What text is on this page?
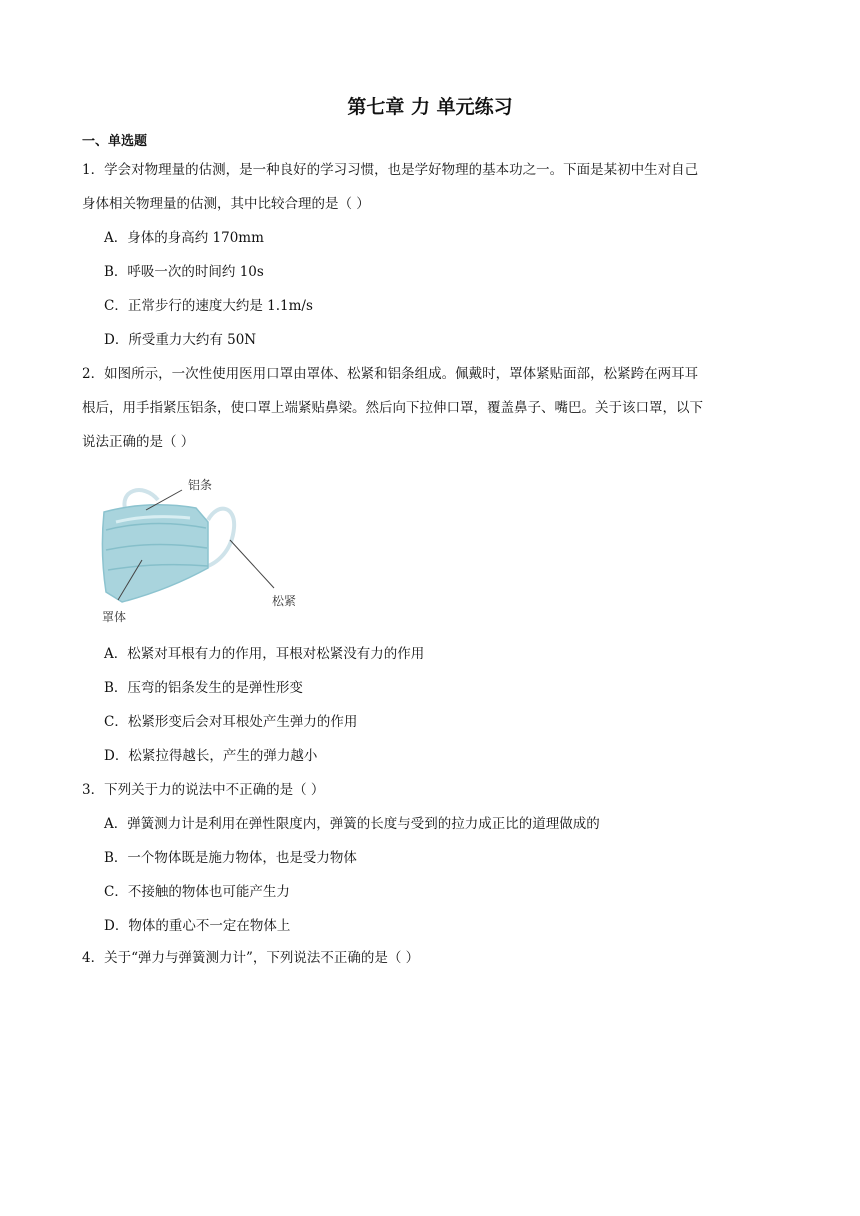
第七章 力 单元练习
一、单选题
1．学会对物理量的估测，是一种良好的学习习惯，也是学好物理的基本功之一。下面是某初中生对自己
身体相关物理量的估测，其中比较合理的是（ ）
A．身体的身高约 170mm
B．呼吸一次的时间约 10s
C．正常步行的速度大约是 1.1m/s
D．所受重力大约有 50N
2．如图所示，一次性使用医用口罩由罩体、松紧和铝条组成。佩戴时，罩体紧贴面部，松紧跨在两耳耳
根后，用手指紧压铝条，使口罩上端紧贴鼻梁。然后向下拉伸口罩，覆盖鼻子、嘴巴。关于该口罩，以下
说法正确的是（ ）
铝条
松紧
罩体
A．松紧对耳根有力的作用，耳根对松紧没有力的作用
B．压弯的铝条发生的是弹性形变
C．松紧形变后会对耳根处产生弹力的作用
D．松紧拉得越长，产生的弹力越小
3．下列关于力的说法中不正确的是（ ）
A．弹簧测力计是利用在弹性限度内，弹簧的长度与受到的拉力成正比的道理做成的
B．一个物体既是施力物体，也是受力物体
C．不接触的物体也可能产生力
D．物体的重心不一定在物体上
4．关于“弹力与弹簧测力计”，下列说法不正确的是（ ）
